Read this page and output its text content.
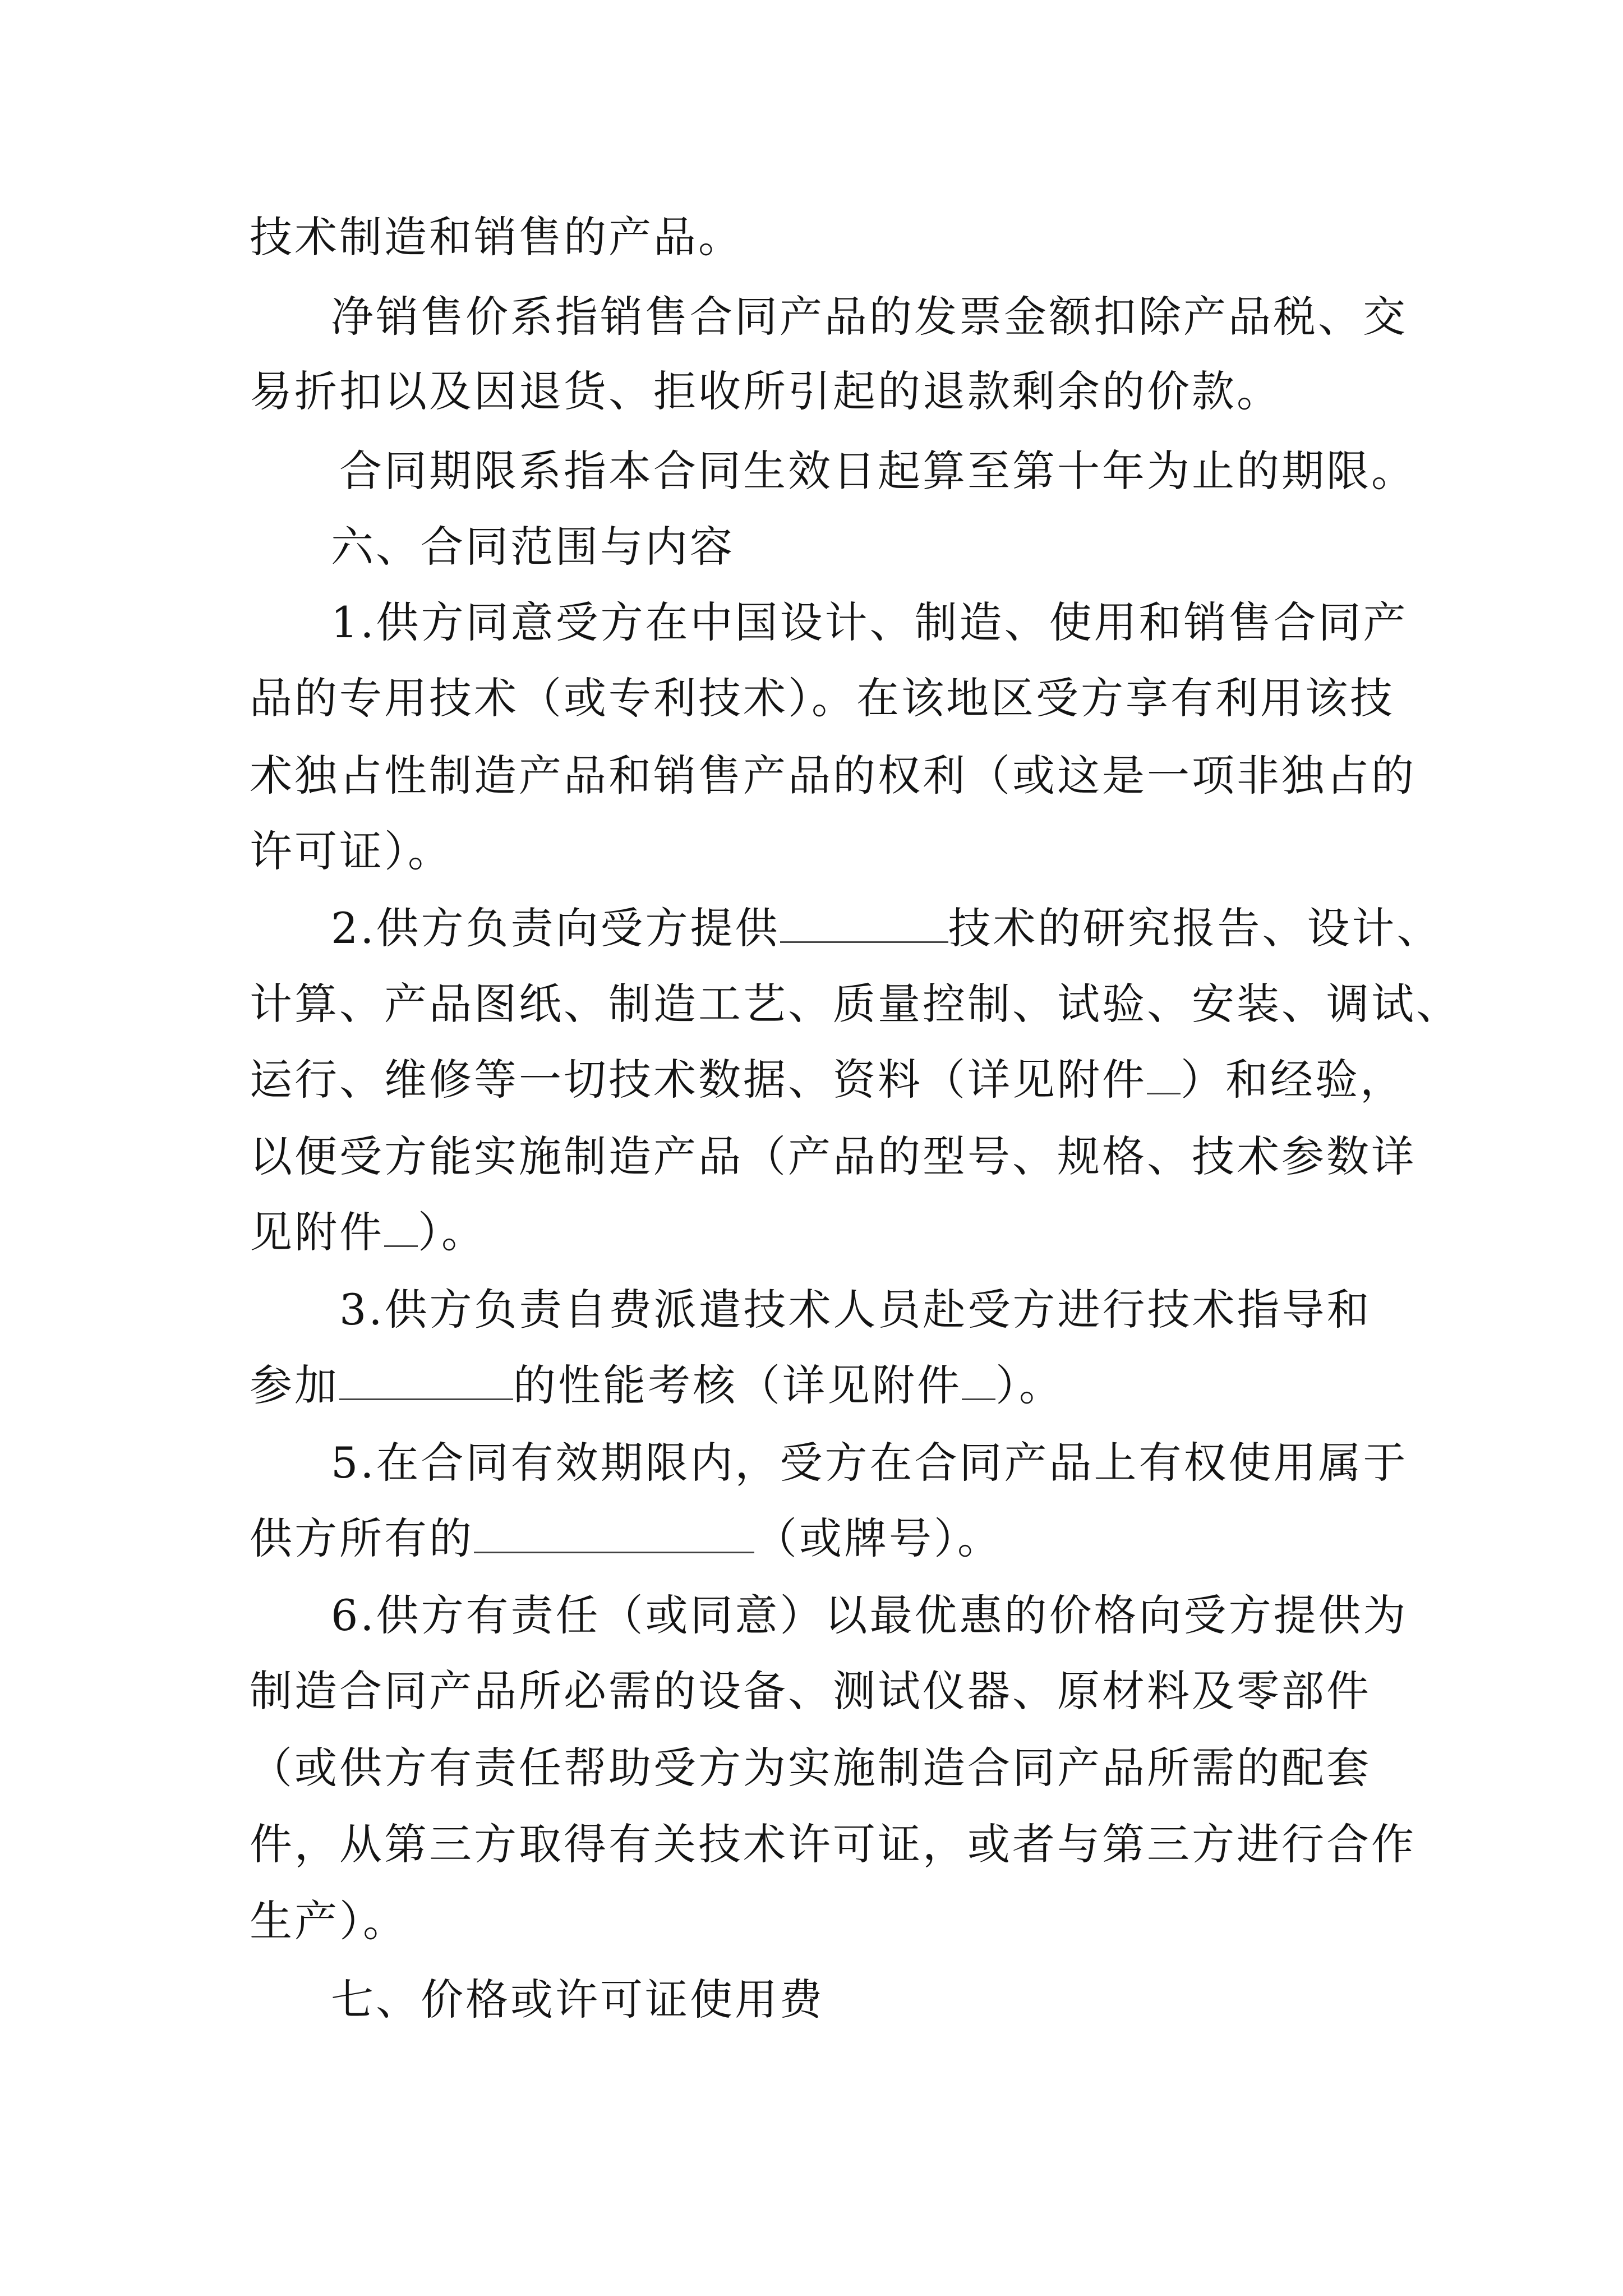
技术制造和销售的产品。
净销售价系指销售合同产品的发票金额扣除产品税、交
易折扣以及因退货、拒收所引起的退款剩余的价款。
合同期限系指本合同生效日起算至第十年为止的期限。
六、合同范围与内容
1.供方同意受方在中国设计、制造、使用和销售合同产
品的专用技术（或专利技术）。在该地区受方享有利用该技
术独占性制造产品和销售产品的权利（或这是一项非独占的
许可证）。
2.供方负责向受方提供	技术的研究报告、设计、
计算、产品图纸、制造工艺、质量控制、试验、安装、调试、
运行、维修等一切技术数据、资料（详见附件 ）和经验，
以便受方能实施制造产品（产品的型号、规格、技术参数详
见附件 ）。
3.供方负责自费派遣技术人员赴受方进行技术指导和
参加	的性能考核（详见附件 ）。
5.在合同有效期限内，受方在合同产品上有权使用属于
供方所有的	（或牌号）。
6.供方有责任（或同意）以最优惠的价格向受方提供为
制造合同产品所必需的设备、测试仪器、原材料及零部件
（或供方有责任帮助受方为实施制造合同产品所需的配套
件，从第三方取得有关技术许可证，或者与第三方进行合作
生产）。
七、价格或许可证使用费
